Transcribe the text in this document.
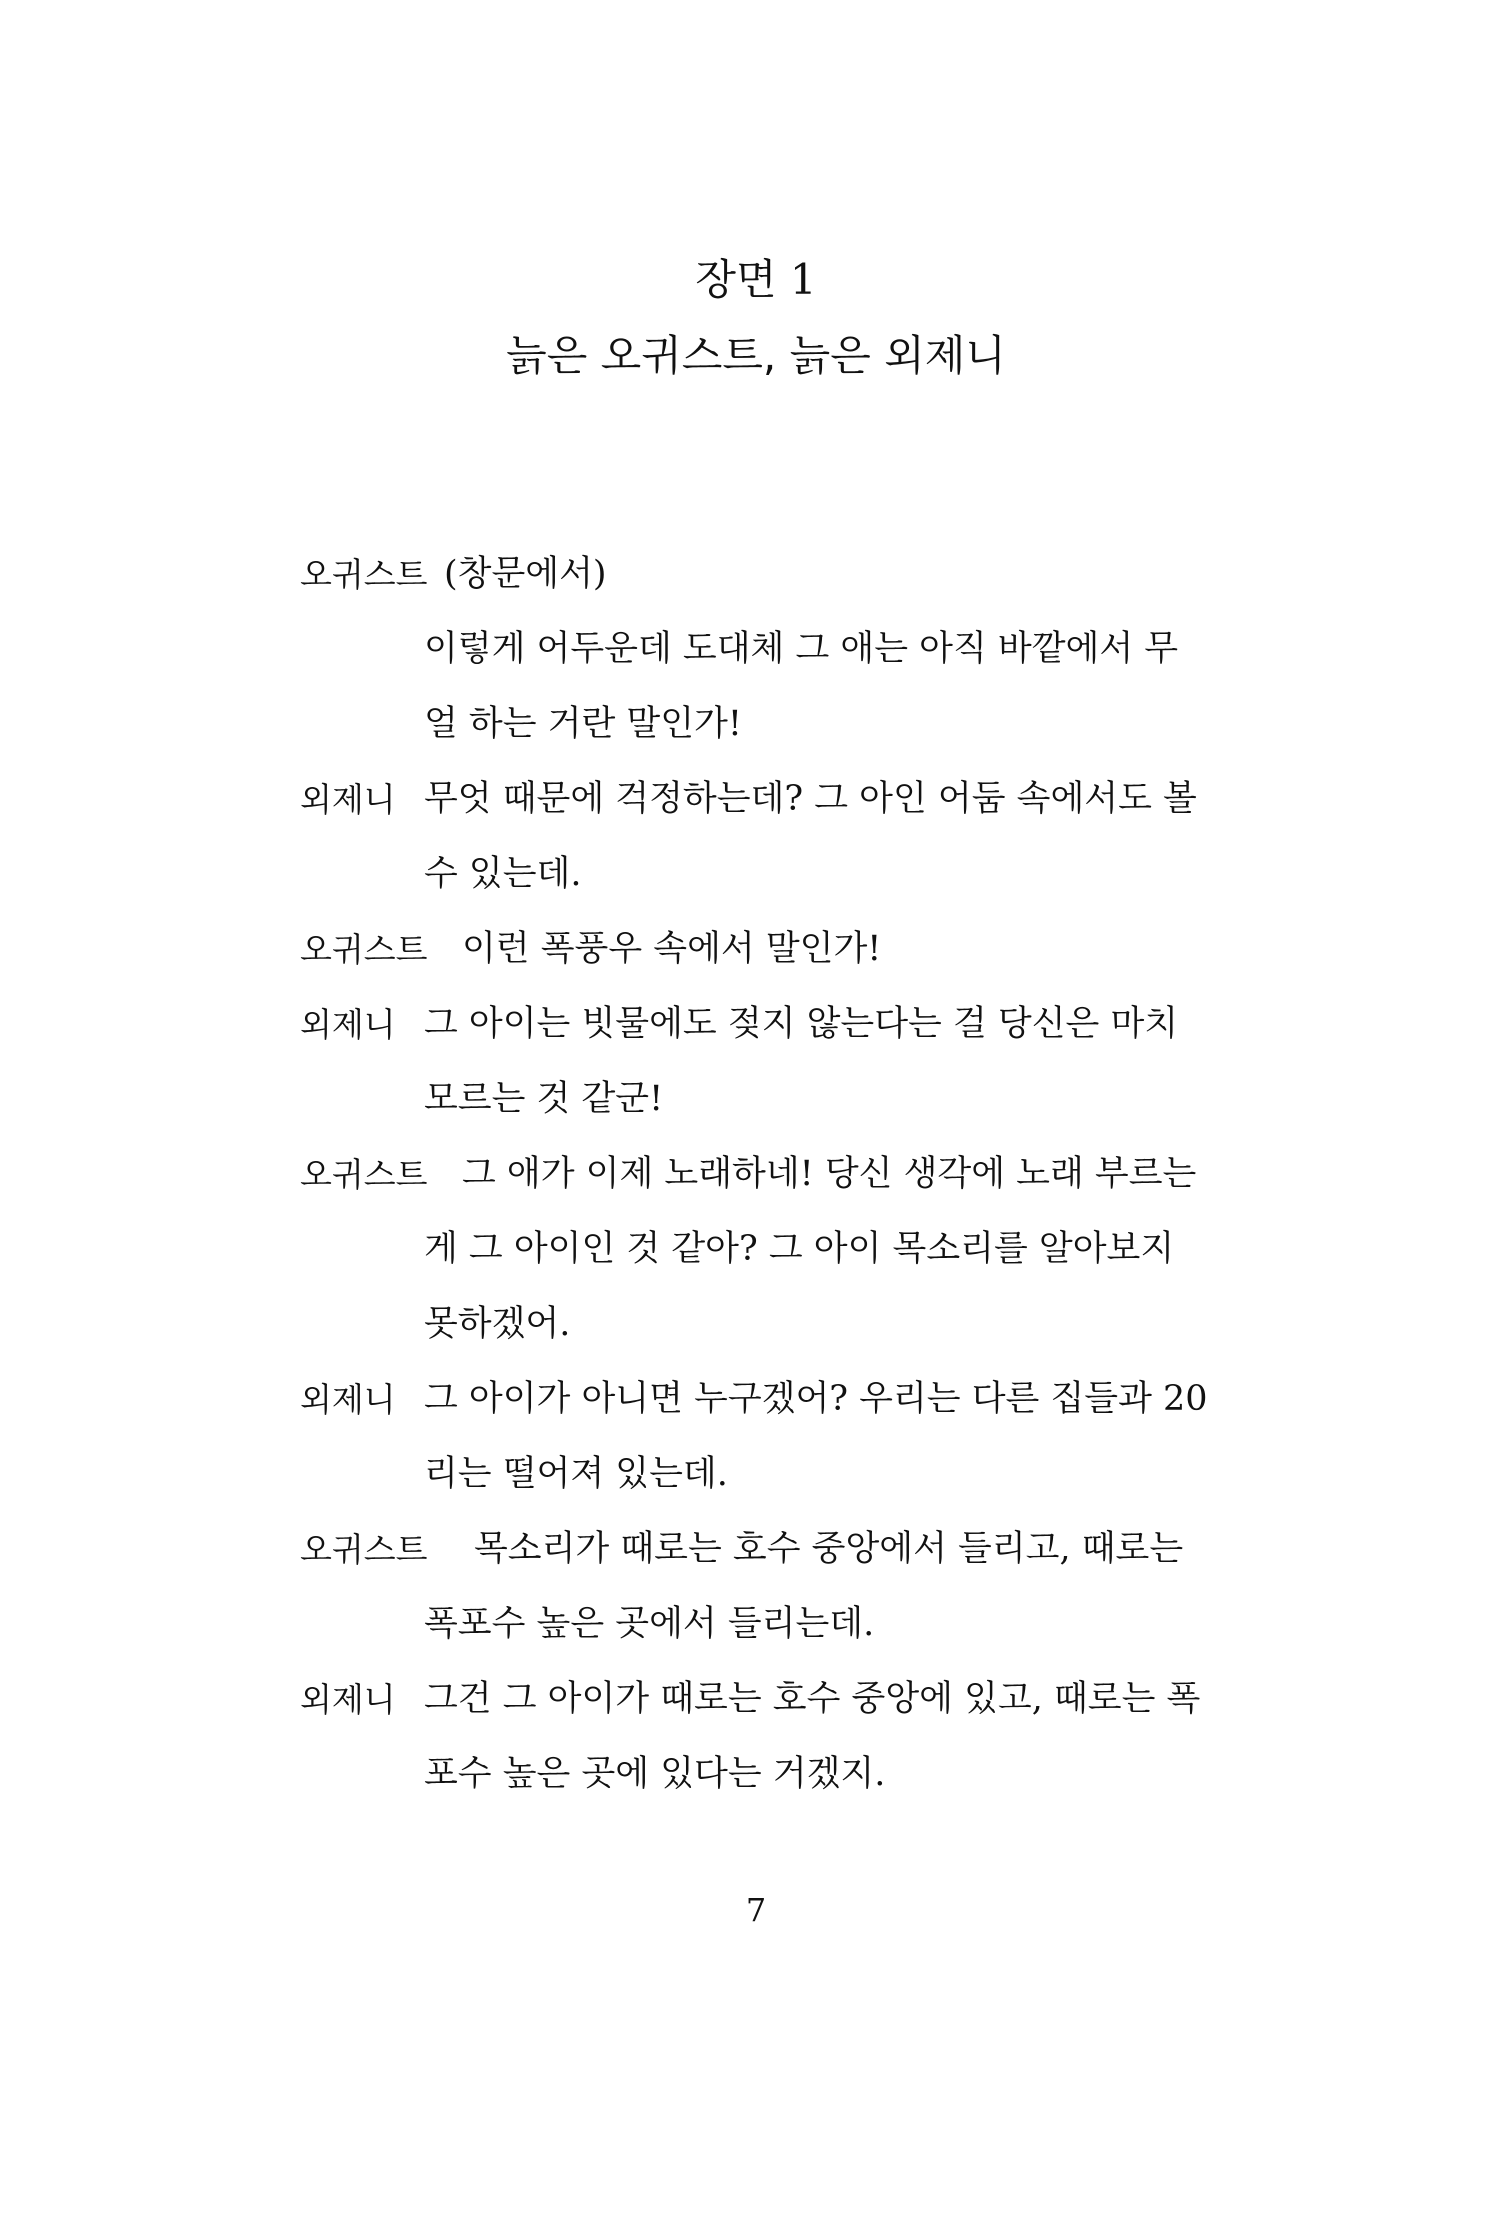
장면 1
늙은 오귀스트, 늙은 외제니
오귀스트 (창문에서)
이렇게 어두운데 도대체 그 애는 아직 바깥에서 무
얼 하는 거란 말인가!
외제니 무엇 때문에 걱정하는데? 그 아인 어둠 속에서도 볼
수 있는데.
오귀스트 이런 폭풍우 속에서 말인가!
외제니 그 아이는 빗물에도 젖지 않는다는 걸 당신은 마치
모르는 것 같군!
오귀스트 그 애가 이제 노래하네! 당신 생각에 노래 부르는
게 그 아이인 것 같아? 그 아이 목소리를 알아보지
못하겠어.
외제니 그 아이가 아니면 누구겠어? 우리는 다른 집들과 20
리는 떨어져 있는데.
오귀스트 목소리가 때로는 호수 중앙에서 들리고, 때로는
폭포수 높은 곳에서 들리는데.
외제니 그건 그 아이가 때로는 호수 중앙에 있고, 때로는 폭
포수 높은 곳에 있다는 거겠지.

7
